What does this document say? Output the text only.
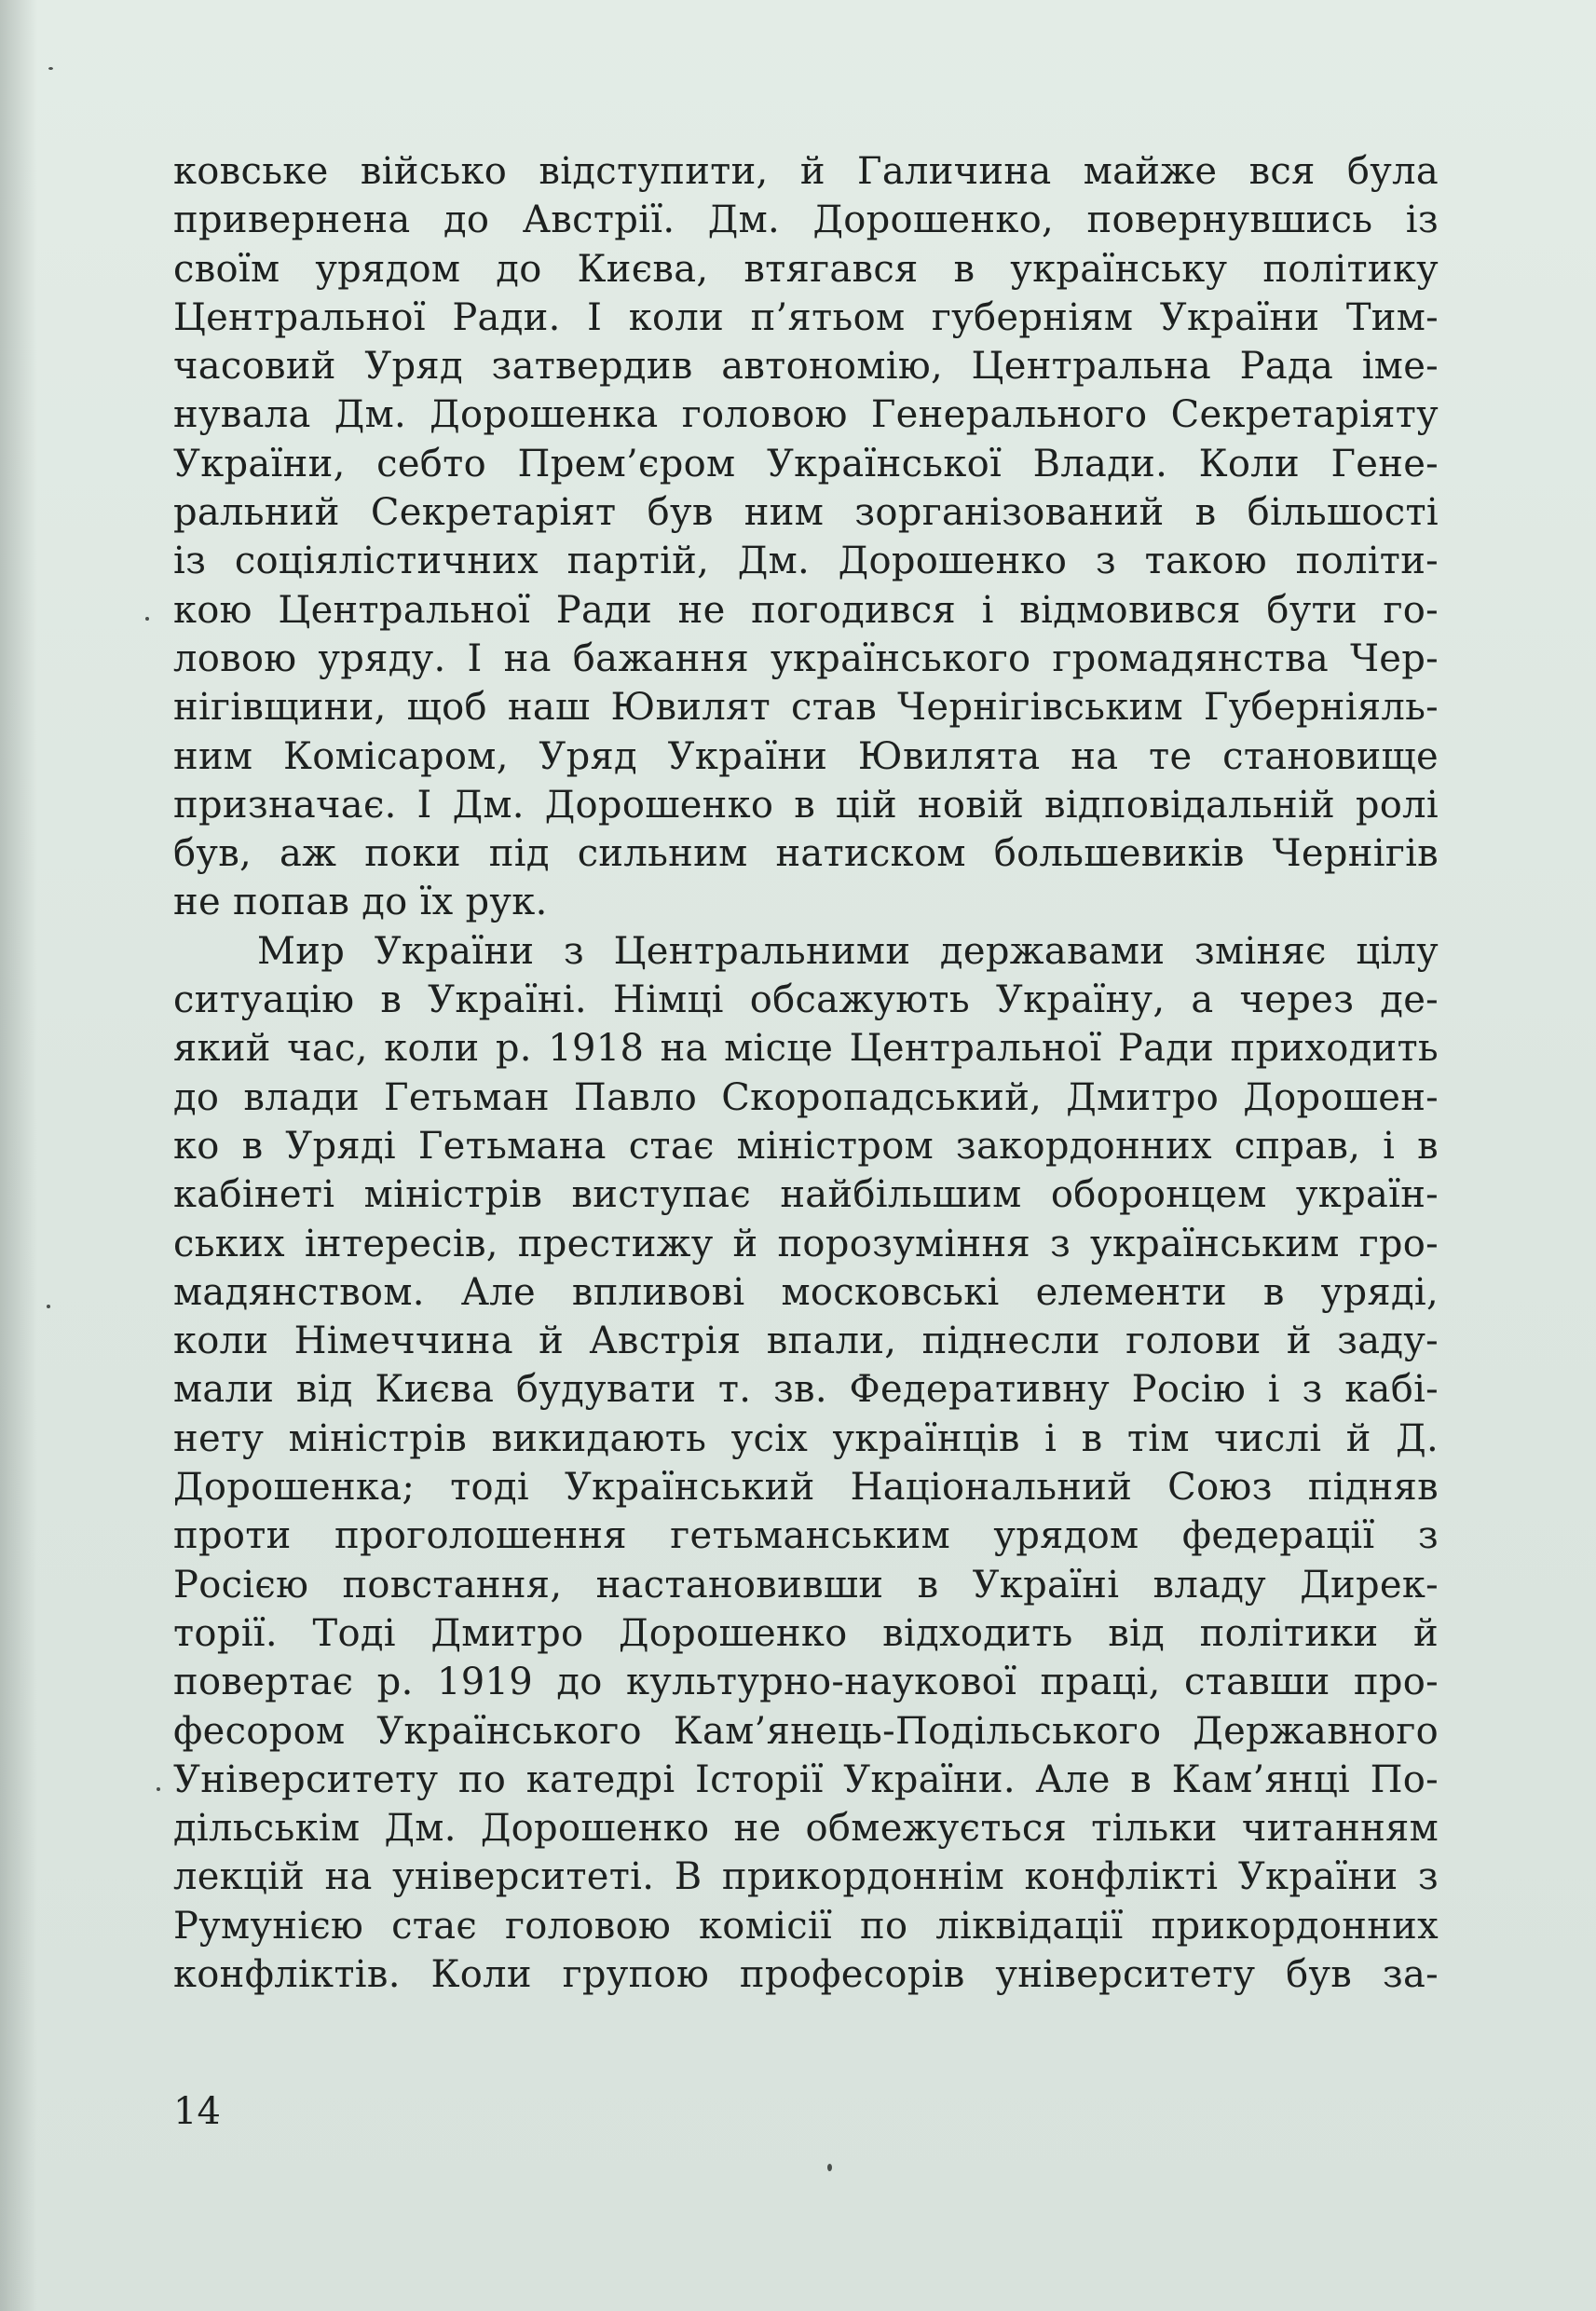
ковське військо відступити, й Галичина майже вся була
привернена до Австрії. Дм. Дорошенко, повернувшись із
своїм урядом до Києва, втягався в українську політику
Центральної Ради. І коли п’ятьом губерніям України Тим-
часовий Уряд затвердив автономію, Центральна Рада іме-
нувала Дм. Дорошенка головою Генерального Секретаріяту
України, себто Прем’єром Української Влади. Коли Гене-
ральний Секретаріят був ним зорганізований в більшості
із соціялістичних партій, Дм. Дорошенко з такою політи-
кою Центральної Ради не погодився і відмовився бути го-
ловою уряду. І на бажання українського громадянства Чер-
нігівщини, щоб наш Ювилят став Чернігівським Губерніяль-
ним Комісаром, Уряд України Ювилята на те становище
призначає. І Дм. Дорошенко в цій новій відповідальній ролі
був, аж поки під сильним натиском большевиків Чернігів
не попав до їх рук.
Мир України з Центральними державами зміняє цілу
ситуацію в Україні. Німці обсажують Україну, а через де-
який час, коли р. 1918 на місце Центральної Ради приходить
до влади Гетьман Павло Скоропадський, Дмитро Дорошен-
ко в Уряді Гетьмана стає міністром закордонних справ, і в
кабінеті міністрів виступає найбільшим оборонцем україн-
ських інтересів, престижу й порозуміння з українським гро-
мадянством. Але впливові московські елементи в уряді,
коли Німеччина й Австрія впали, піднесли голови й заду-
мали від Києва будувати т. зв. Федеративну Росію і з кабі-
нету міністрів викидають усіх українців і в тім числі й Д.
Дорошенка; тоді Український Національний Союз підняв
проти проголошення гетьманським урядом федерації з
Росією повстання, настановивши в Україні владу Дирек-
торії. Тоді Дмитро Дорошенко відходить від політики й
повертає р. 1919 до культурно-наукової праці, ставши про-
фесором Українського Кам’янець-Подільського Державного
Університету по катедрі Історії України. Але в Кам’янці По-
дільськім Дм. Дорошенко не обмежується тільки читанням
лекцій на університеті. В прикордоннім конфлікті України з
Румунією стає головою комісії по ліквідації прикордонних
конфліктів. Коли групою професорів університету був за-
14
